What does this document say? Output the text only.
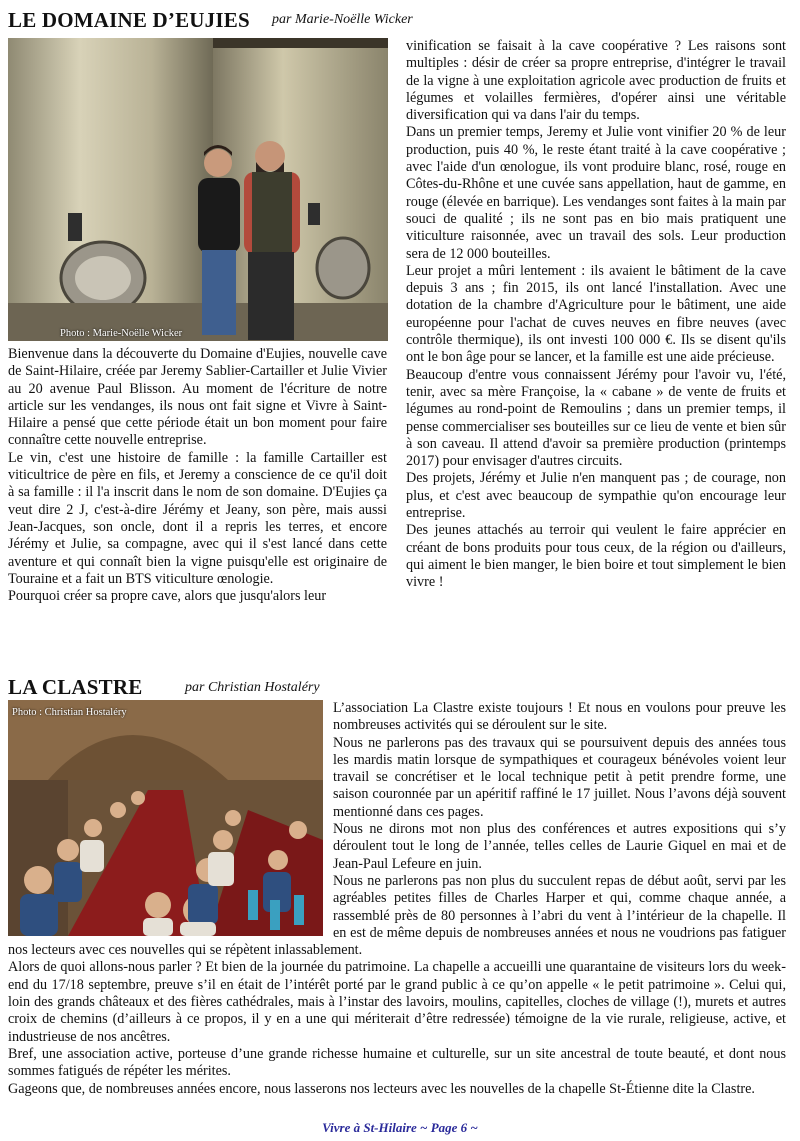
LE DOMAINE D’EUJIES par Marie-Noëlle Wicker
Photo : Marie-Noëlle Wicker

Bienvenue dans la découverte du Domaine d'Eujies, nouvelle cave de Saint-Hilaire, créée par Jeremy Sablier-Cartailler et Julie Vivier au 20 avenue Paul Blisson. Au moment de l'écriture de notre article sur les vendanges, ils nous ont fait signe et Vivre à Saint-Hilaire a pensé que cette période était un bon moment pour faire connaître cette nouvelle entreprise.

Le vin, c'est une histoire de famille : la famille Cartailler est viticultrice de père en fils, et Jeremy a conscience de ce qu'il doit à sa famille : il l'a inscrit dans le nom de son domaine. D'Eujies ça veut dire 2 J, c'est-à-dire Jérémy et Jeany, son père, mais aussi Jean-Jacques, son oncle, dont il a repris les terres, et encore Jérémy et Julie, sa compagne, avec qui il s'est lancé dans cette aventure et qui connaît bien la vigne puisqu'elle est originaire de Touraine et a fait un BTS viticulture œnologie.

Pourquoi créer sa propre cave, alors que jusqu'alors leur

vinification se faisait à la cave coopérative ? Les raisons sont multiples : désir de créer sa propre entreprise, d'intégrer le travail de la vigne à une exploitation agricole avec production de fruits et légumes et volailles fermières, d'opérer ainsi une véritable diversification qui va dans l'air du temps.

Dans un premier temps, Jeremy et Julie vont vinifier 20 % de leur production, puis 40 %, le reste étant traité à la cave coopérative ; avec l'aide d'un œnologue, ils vont produire blanc, rosé, rouge en Côtes-du-Rhône et une cuvée sans appellation, haut de gamme, en rouge (élevée en barrique). Les vendanges sont faites à la main par souci de qualité ; ils ne sont pas en bio mais pratiquent une viticulture raisonnée, avec un travail des sols. Leur production sera de 12 000 bouteilles.

Leur projet a mûri lentement : ils avaient le bâtiment de la cave depuis 3 ans ; fin 2015, ils ont lancé l'installation. Avec une dotation de la chambre d'Agriculture pour le bâtiment, une aide européenne pour l'achat de cuves neuves en fibre neuves (avec contrôle thermique), ils ont investi 100 000 €. Ils se disent qu'ils ont le bon âge pour se lancer, et la famille est une aide précieuse.

Beaucoup d'entre vous connaissent Jérémy pour l'avoir vu, l'été, tenir, avec sa mère Françoise, la « cabane » de vente de fruits et légumes au rond-point de Remoulins ; dans un premier temps, il pense commercialiser ses bouteilles sur ce lieu de vente et bien sûr à son caveau. Il attend d'avoir sa première production (printemps 2017) pour envisager d'autres circuits.

Des projets, Jérémy et Julie n'en manquent pas ; de courage, non plus, et c'est avec beaucoup de sympathie qu'on encourage leur entreprise.

Des jeunes attachés au terroir qui veulent le faire apprécier en créant de bons produits pour tous ceux, de la région ou d'ailleurs, qui aiment le bien manger, le bien boire et tout simplement le bien vivre !

LA CLASTRE	par Christian Hostaléry
Photo : Christian Hostaléry	L’association La Clastre existe toujours ! Et nous en voulons pour preuve les nombreuses activités qui se déroulent sur le site.

Nous ne parlerons pas des travaux qui se poursuivent depuis des années tous les mardis matin lorsque de sympathiques et courageux bénévoles voient leur travail se concrétiser et le local technique petit à petit prendre forme, une saison couronnée par un apéritif raffiné le 17 juillet. Nous l’avons déjà souvent mentionné dans ces pages.

Nous ne dirons mot non plus des conférences et autres expositions qui s’y déroulent tout le long de l’année, telles celles de Laurie Giquel en mai et de Jean-Paul Lefeure en juin.

Nous ne parlerons pas non plus du succulent repas de début août, servi par les agréables petites filles de Charles Harper et qui, comme chaque année, a rassemblé près de 80 personnes à l’abri du vent à l’intérieur de la chapelle. Il en est de même depuis de nombreuses années et nous ne voudrions pas fatiguer nos lecteurs avec ces nouvelles qui se répètent inlassablement.

Alors de quoi allons-nous parler ? Et bien de la journée du patrimoine. La chapelle a accueilli une quarantaine de visiteurs lors du week-end du 17/18 septembre, preuve s’il en était de l’intérêt porté par le grand public à ce qu’on appelle « le petit patrimoine ». Celui qui, loin des grands châteaux et des fières cathédrales, mais à l’instar des lavoirs, moulins, capitelles, cloches de village (!), murets et autres croix de chemins (d’ailleurs à ce propos, il y en a une qui mériterait d’être redressée) témoigne de la vie rurale, religieuse, active, et industrieuse de nos ancêtres.

Bref, une association active, porteuse d’une grande richesse humaine et culturelle, sur un site ancestral de toute beauté, et dont nous sommes fatigués de répéter les mérites.

Gageons que, de nombreuses années encore, nous lasserons nos lecteurs avec les nouvelles de la chapelle St-Étienne dite la Clastre.

Vivre à St-Hilaire ~ Page 6 ~
